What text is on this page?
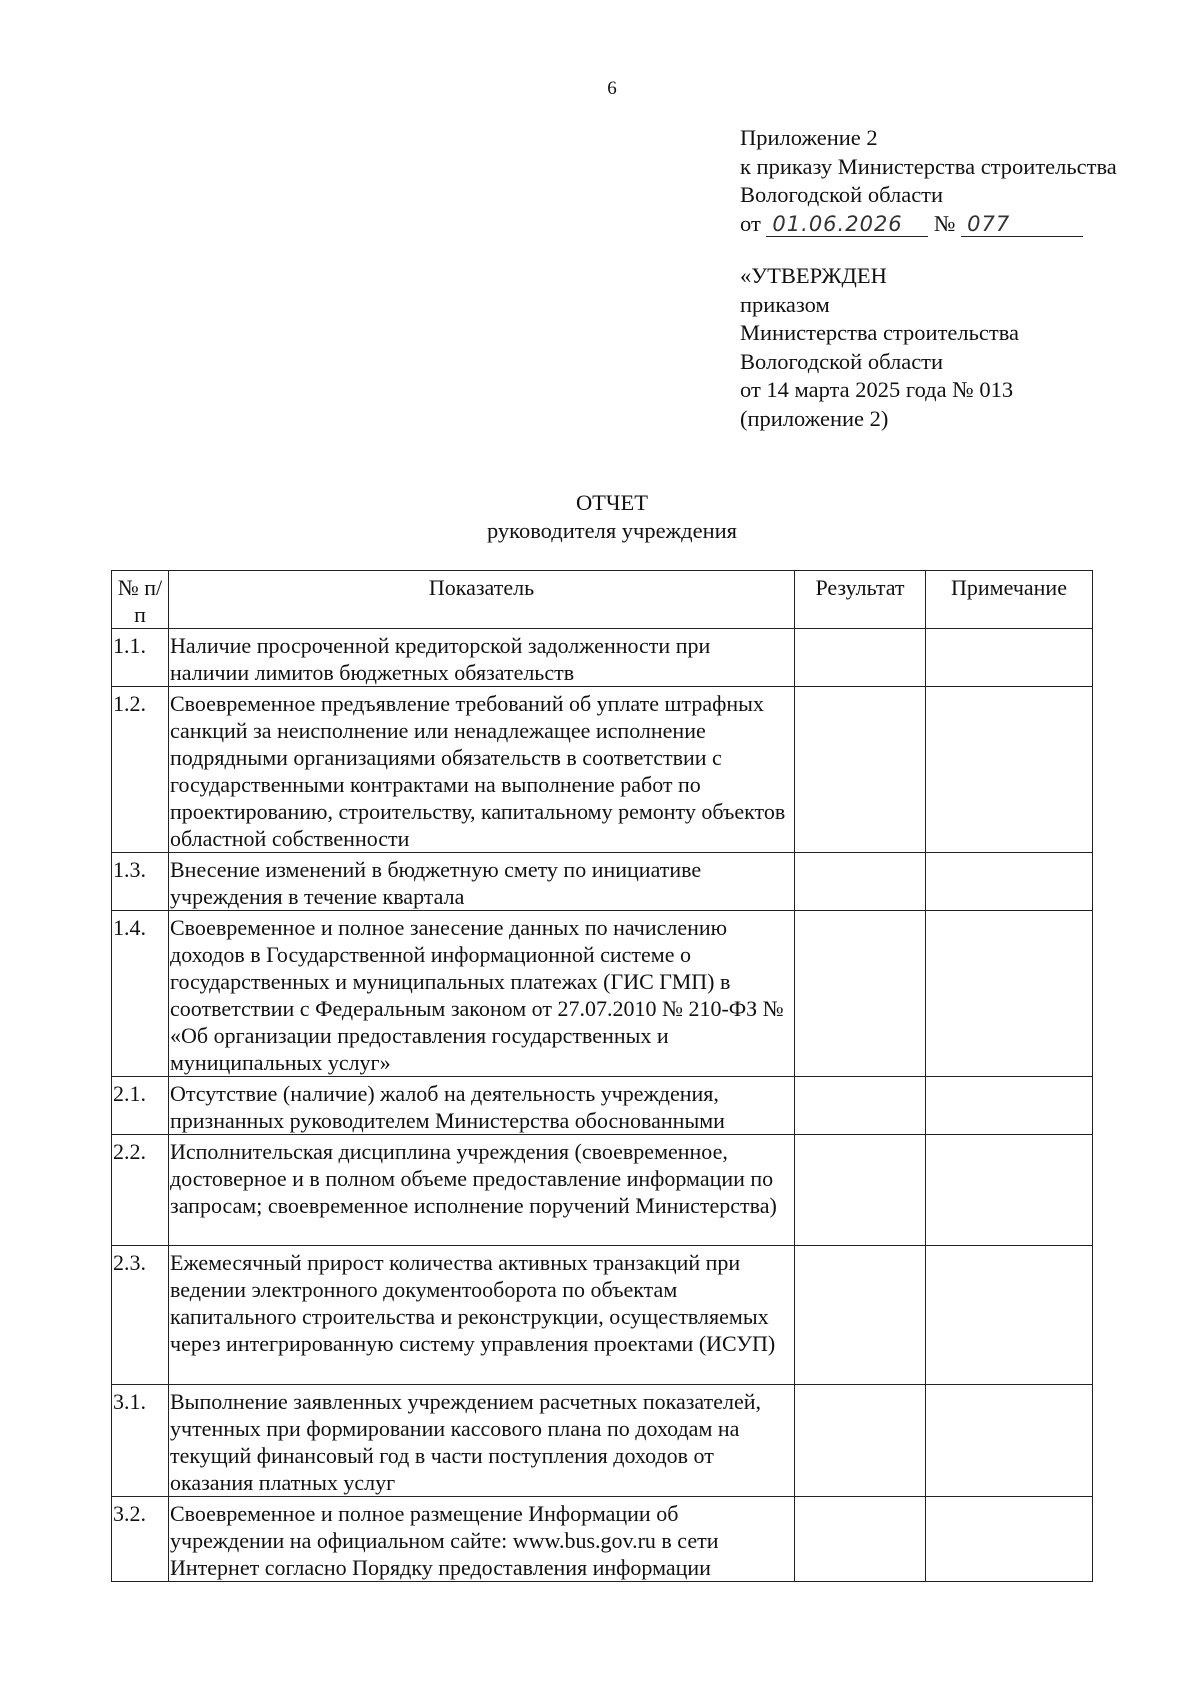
6
Приложение 2
к приказу Министерства строительства
Вологодской области
от 01.06.2026 № 077
«УТВЕРЖДЕН
приказом
Министерства строительства
Вологодской области
от 14 марта 2025 года № 013
(приложение 2)
ОТЧЕТ
руководителя учреждения
№ п/п	Показатель	Результат	Примечание
1.1.	Наличие просроченной кредиторской задолженности при наличии лимитов бюджетных обязательств		
1.2.	Своевременное предъявление требований об уплате штрафных санкций за неисполнение или ненадлежащее исполнение подрядными организациями обязательств в соответствии с государственными контрактами на выполнение работ по проектированию, строительству, капитальному ремонту объектов областной собственности		
1.3.	Внесение изменений в бюджетную смету по инициативе учреждения в течение квартала		
1.4.	Своевременное и полное занесение данных по начислению доходов в Государственной информационной системе о государственных и муниципальных платежах (ГИС ГМП) в соответствии с Федеральным законом от 27.07.2010 № 210-ФЗ № «Об организации предоставления государственных и муниципальных услуг»		
2.1.	Отсутствие (наличие) жалоб на деятельность учреждения, признанных руководителем Министерства обоснованными		
2.2.	Исполнительская дисциплина учреждения (своевременное, достоверное и в полном объеме предоставление информации по запросам; своевременное исполнение поручений Министерства)		
2.3.	Ежемесячный прирост количества активных транзакций при ведении электронного документооборота по объектам капитального строительства и реконструкции, осуществляемых через интегрированную систему управления проектами (ИСУП)		
3.1.	Выполнение заявленных учреждением расчетных показателей, учтенных при формировании кассового плана по доходам на текущий финансовый год в части поступления доходов от оказания платных услуг		
3.2.	Своевременное и полное размещение Информации об учреждении на официальном сайте: www.bus.gov.ru в сети Интернет согласно Порядку предоставления информации		
